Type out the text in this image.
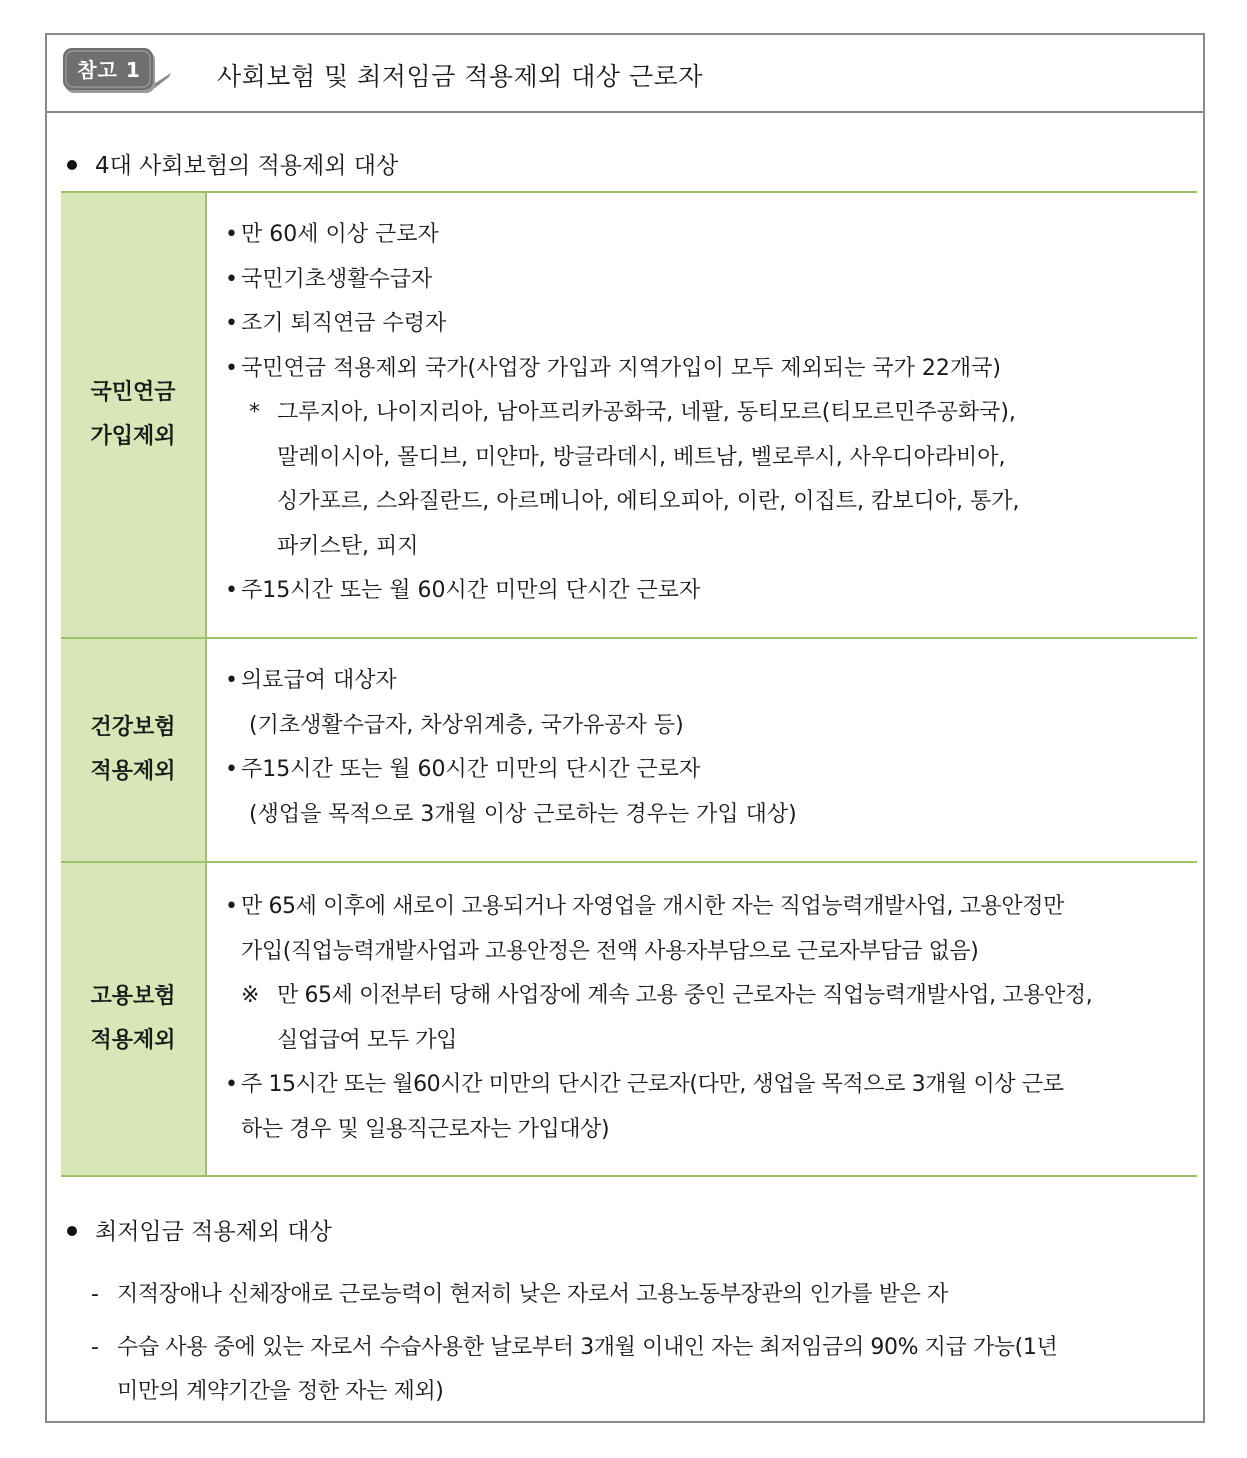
참고 1	사회보험 및 최저임금 적용제외 대상 근로자
4대 사회보험의 적용제외 대상
국민연금
가입제외
• 만 60세 이상 근로자
• 국민기초생활수급자
• 조기 퇴직연금 수령자
• 국민연금 적용제외 국가(사업장 가입과 지역가입이 모두 제외되는 국가 22개국)
* 그루지아, 나이지리아, 남아프리카공화국, 네팔, 동티모르(티모르민주공화국),
말레이시아, 몰디브, 미얀마, 방글라데시, 베트남, 벨로루시, 사우디아라비아,
싱가포르, 스와질란드, 아르메니아, 에티오피아, 이란, 이집트, 캄보디아, 통가,
파키스탄, 피지
• 주15시간 또는 월 60시간 미만의 단시간 근로자
건강보험
적용제외
• 의료급여 대상자
(기초생활수급자, 차상위계층, 국가유공자 등)
• 주15시간 또는 월 60시간 미만의 단시간 근로자
(생업을 목적으로 3개월 이상 근로하는 경우는 가입 대상)
고용보험
적용제외
• 만 65세 이후에 새로이 고용되거나 자영업을 개시한 자는 직업능력개발사업, 고용안정만
가입(직업능력개발사업과 고용안정은 전액 사용자부담으로 근로자부담금 없음)
※ 만 65세 이전부터 당해 사업장에 계속 고용 중인 근로자는 직업능력개발사업, 고용안정,
실업급여 모두 가입
• 주 15시간 또는 월60시간 미만의 단시간 근로자(다만, 생업을 목적으로 3개월 이상 근로
하는 경우 및 일용직근로자는 가입대상)
최저임금 적용제외 대상
- 지적장애나 신체장애로 근로능력이 현저히 낮은 자로서 고용노동부장관의 인가를 받은 자
- 수습 사용 중에 있는 자로서 수습사용한 날로부터 3개월 이내인 자는 최저임금의 90% 지급 가능(1년
미만의 계약기간을 정한 자는 제외)
